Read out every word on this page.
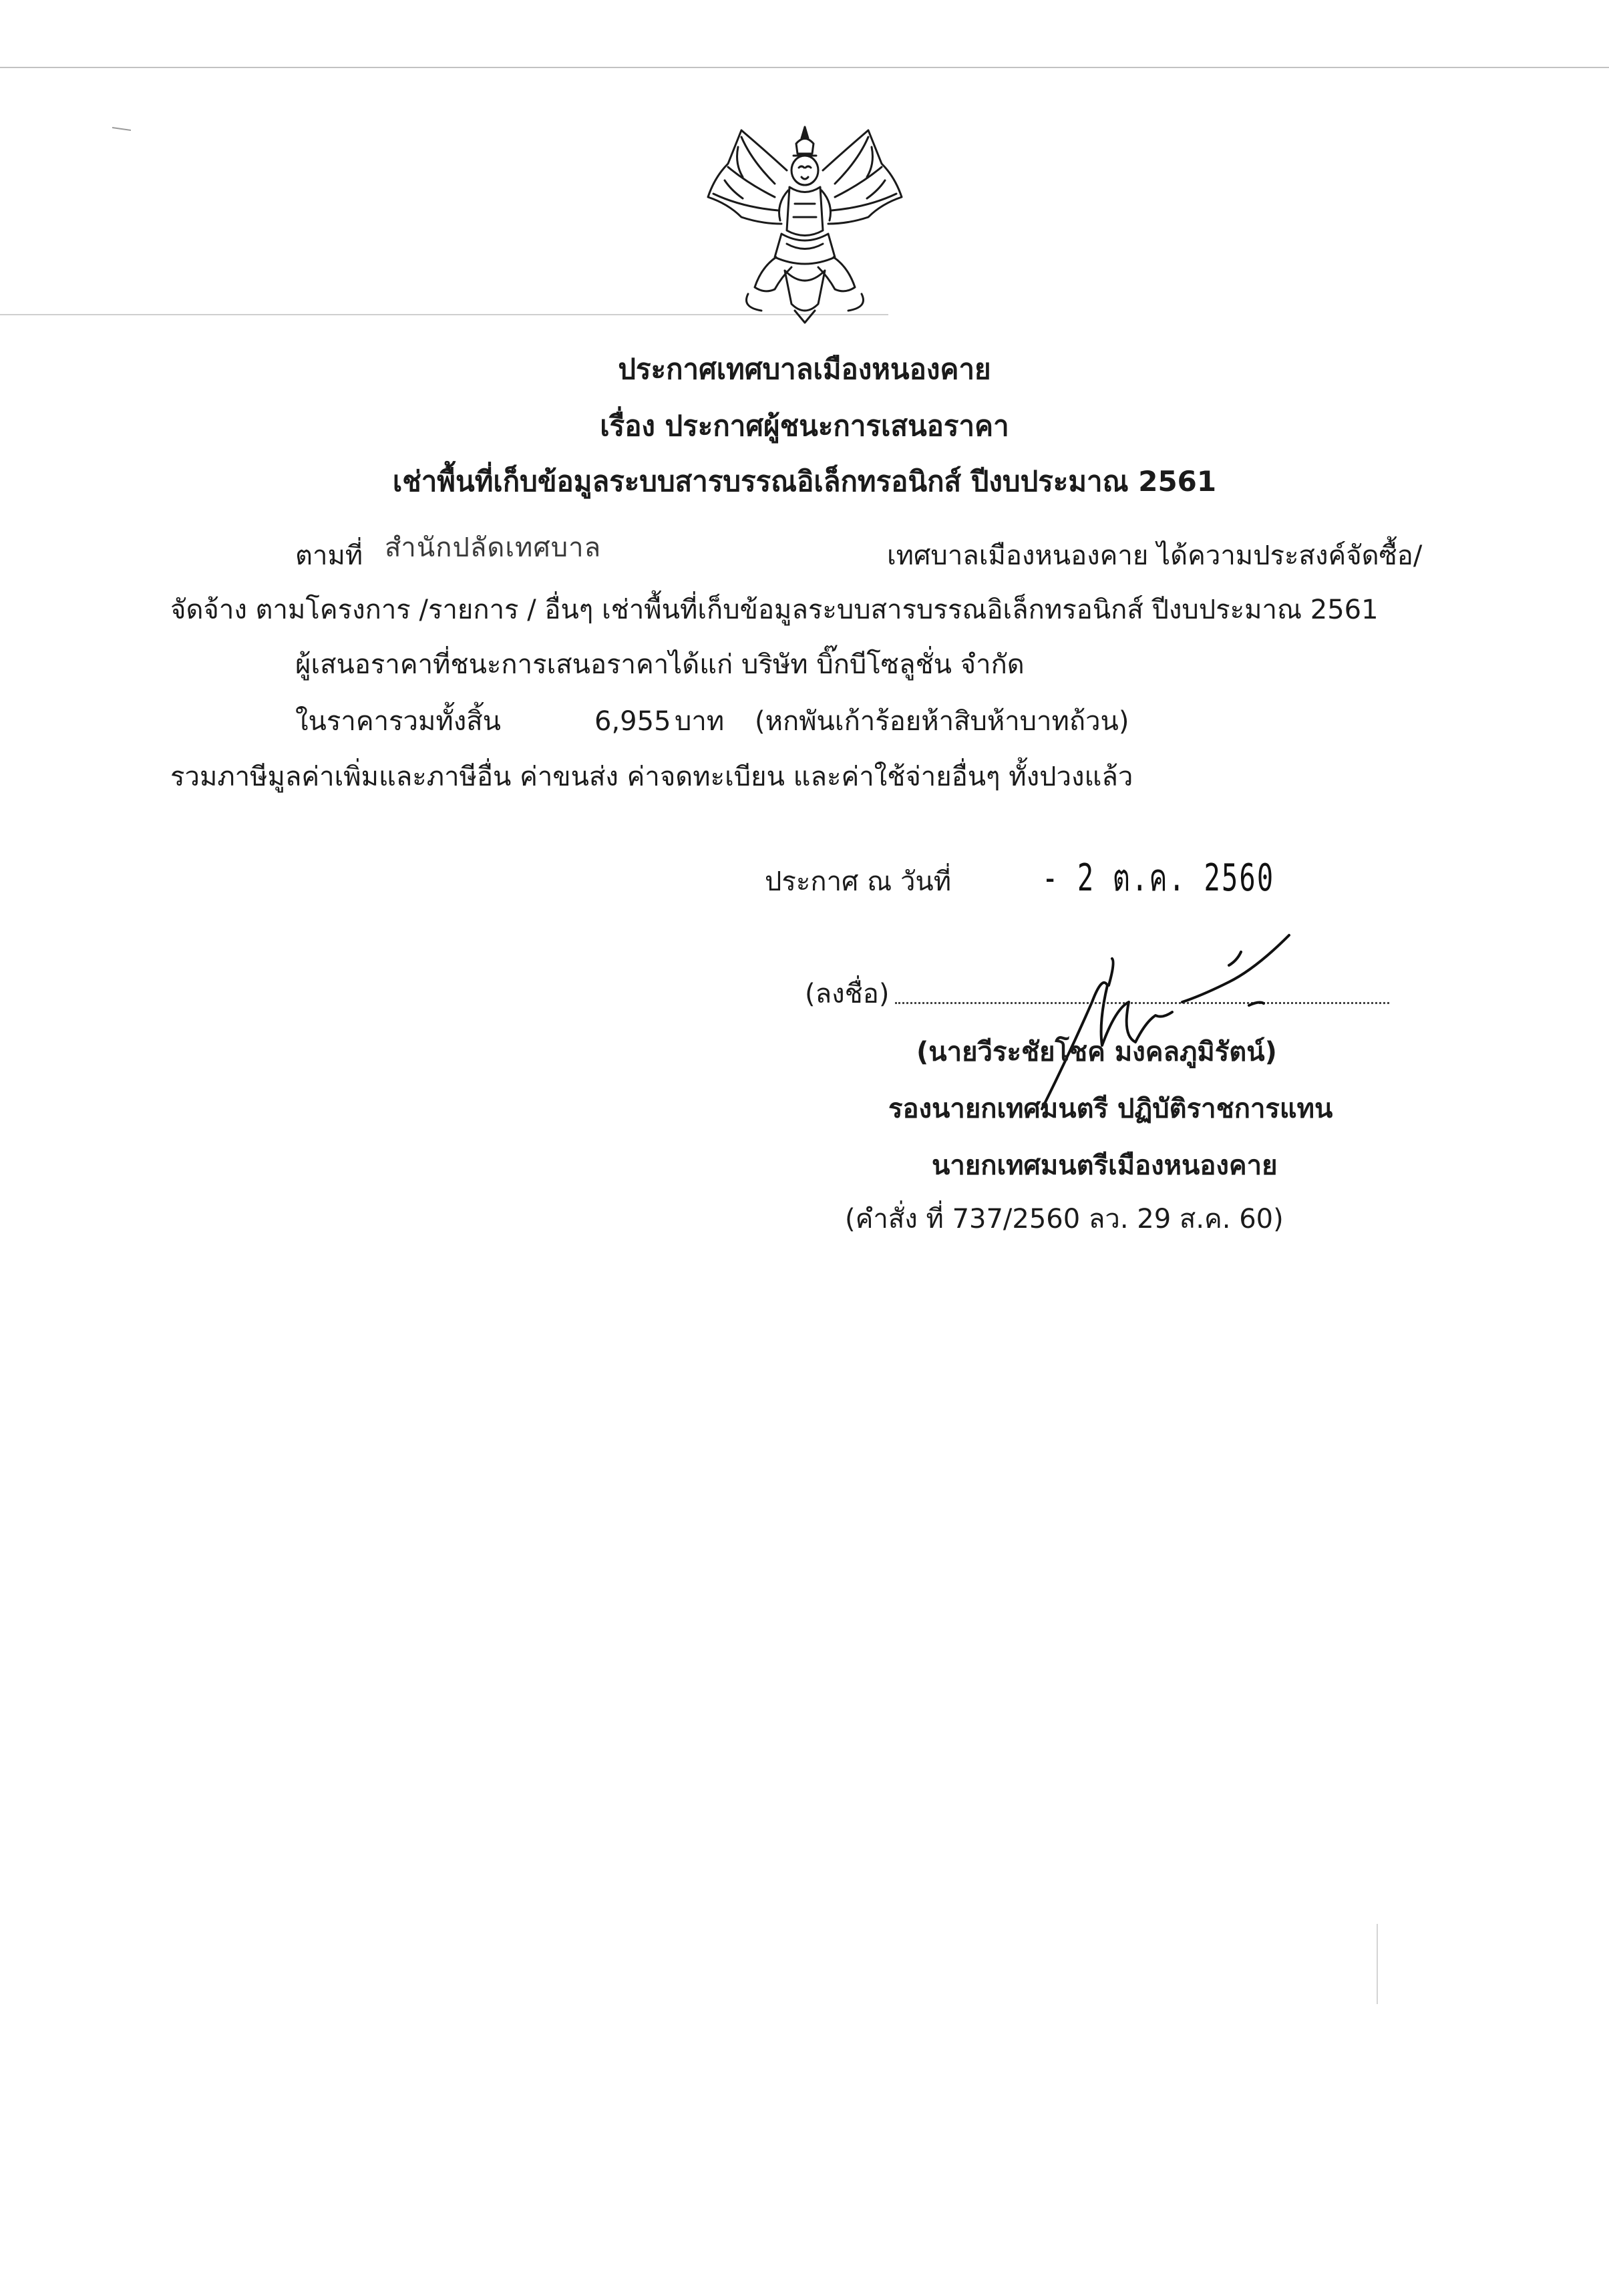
ประกาศเทศบาลเมืองหนองคาย
เรื่อง ประกาศผู้ชนะการเสนอราคา
เช่าพื้นที่เก็บข้อมูลระบบสารบรรณอิเล็กทรอนิกส์ ปีงบประมาณ 2561
ตามที่ สำนักปลัดเทศบาล	เทศบาลเมืองหนองคาย ได้ความประสงค์จัดซื้อ/
จัดจ้าง ตามโครงการ /รายการ / อื่นๆ เช่าพื้นที่เก็บข้อมูลระบบสารบรรณอิเล็กทรอนิกส์ ปีงบประมาณ 2561
ผู้เสนอราคาที่ชนะการเสนอราคาได้แก่ บริษัท บิ๊กบีโซลูชั่น จำกัด
ในราคารวมทั้งสิ้น	6,955 บาท (หกพันเก้าร้อยห้าสิบห้าบาทถ้วน)
รวมภาษีมูลค่าเพิ่มและภาษีอื่น ค่าขนส่ง ค่าจดทะเบียน และค่าใช้จ่ายอื่นๆ ทั้งปวงแล้ว
ประกาศ ณ วันที่ - 2 ต.ค. 2560
(ลงชื่อ)
(นายวีระชัยโชค มงคลภูมิรัตน์)
รองนายกเทศมนตรี ปฏิบัติราชการแทน
นายกเทศมนตรีเมืองหนองคาย
(คำสั่ง ที่ 737/2560 ลว. 29 ส.ค. 60)
